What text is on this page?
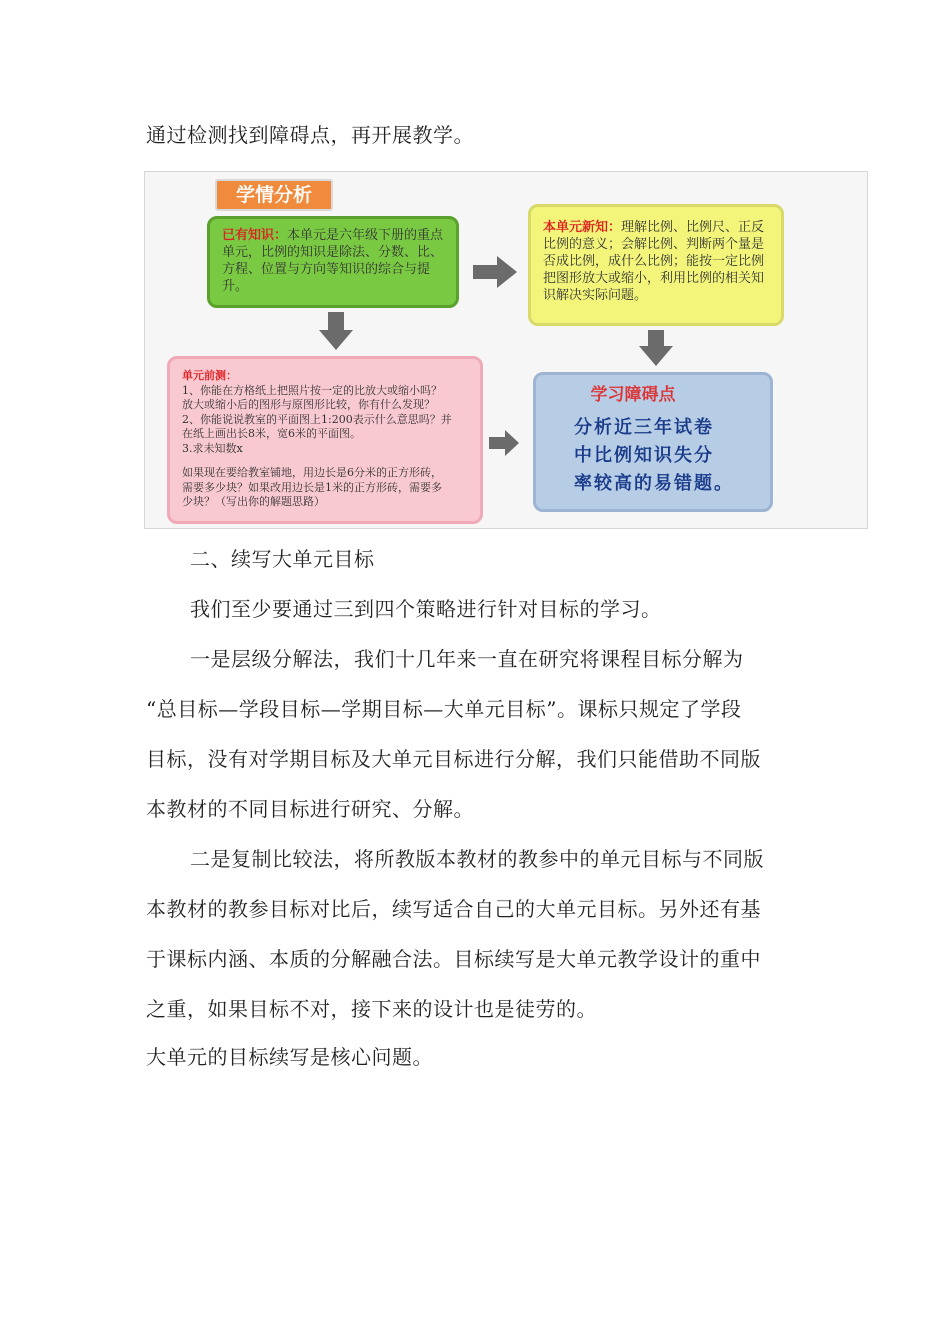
通过检测找到障碍点，再开展教学。
学情分析
已有知识：本单元是六年级下册的重点单元，比例的知识是除法、分数、比、方程、位置与方向等知识的综合与提升。
本单元新知：理解比例、比例尺、正反比例的意义；会解比例、判断两个量是否成比例，成什么比例；能按一定比例把图形放大或缩小，利用比例的相关知识解决实际问题。
单元前测：
1、你能在方格纸上把照片按一定的比放大或缩小吗？
放大或缩小后的图形与原图形比较，你有什么发现？
2、你能说说教室的平面图上1:200表示什么意思吗？并
在纸上画出长8米，宽6米的平面图。
3.求未知数x
如果现在要给教室铺地，用边长是6分米的正方形砖，
需要多少块？如果改用边长是1米的正方形砖，需要多
少块？（写出你的解题思路）
学习障碍点
分析近三年试卷
中比例知识失分
率较高的易错题。
二、续写大单元目标
我们至少要通过三到四个策略进行针对目标的学习。
一是层级分解法，我们十几年来一直在研究将课程目标分解为
“总目标—学段目标—学期目标—大单元目标”。课标只规定了学段
目标，没有对学期目标及大单元目标进行分解，我们只能借助不同版
本教材的不同目标进行研究、分解。
二是复制比较法，将所教版本教材的教参中的单元目标与不同版
本教材的教参目标对比后，续写适合自己的大单元目标。另外还有基
于课标内涵、本质的分解融合法。目标续写是大单元教学设计的重中
之重，如果目标不对，接下来的设计也是徒劳的。
大单元的目标续写是核心问题。
